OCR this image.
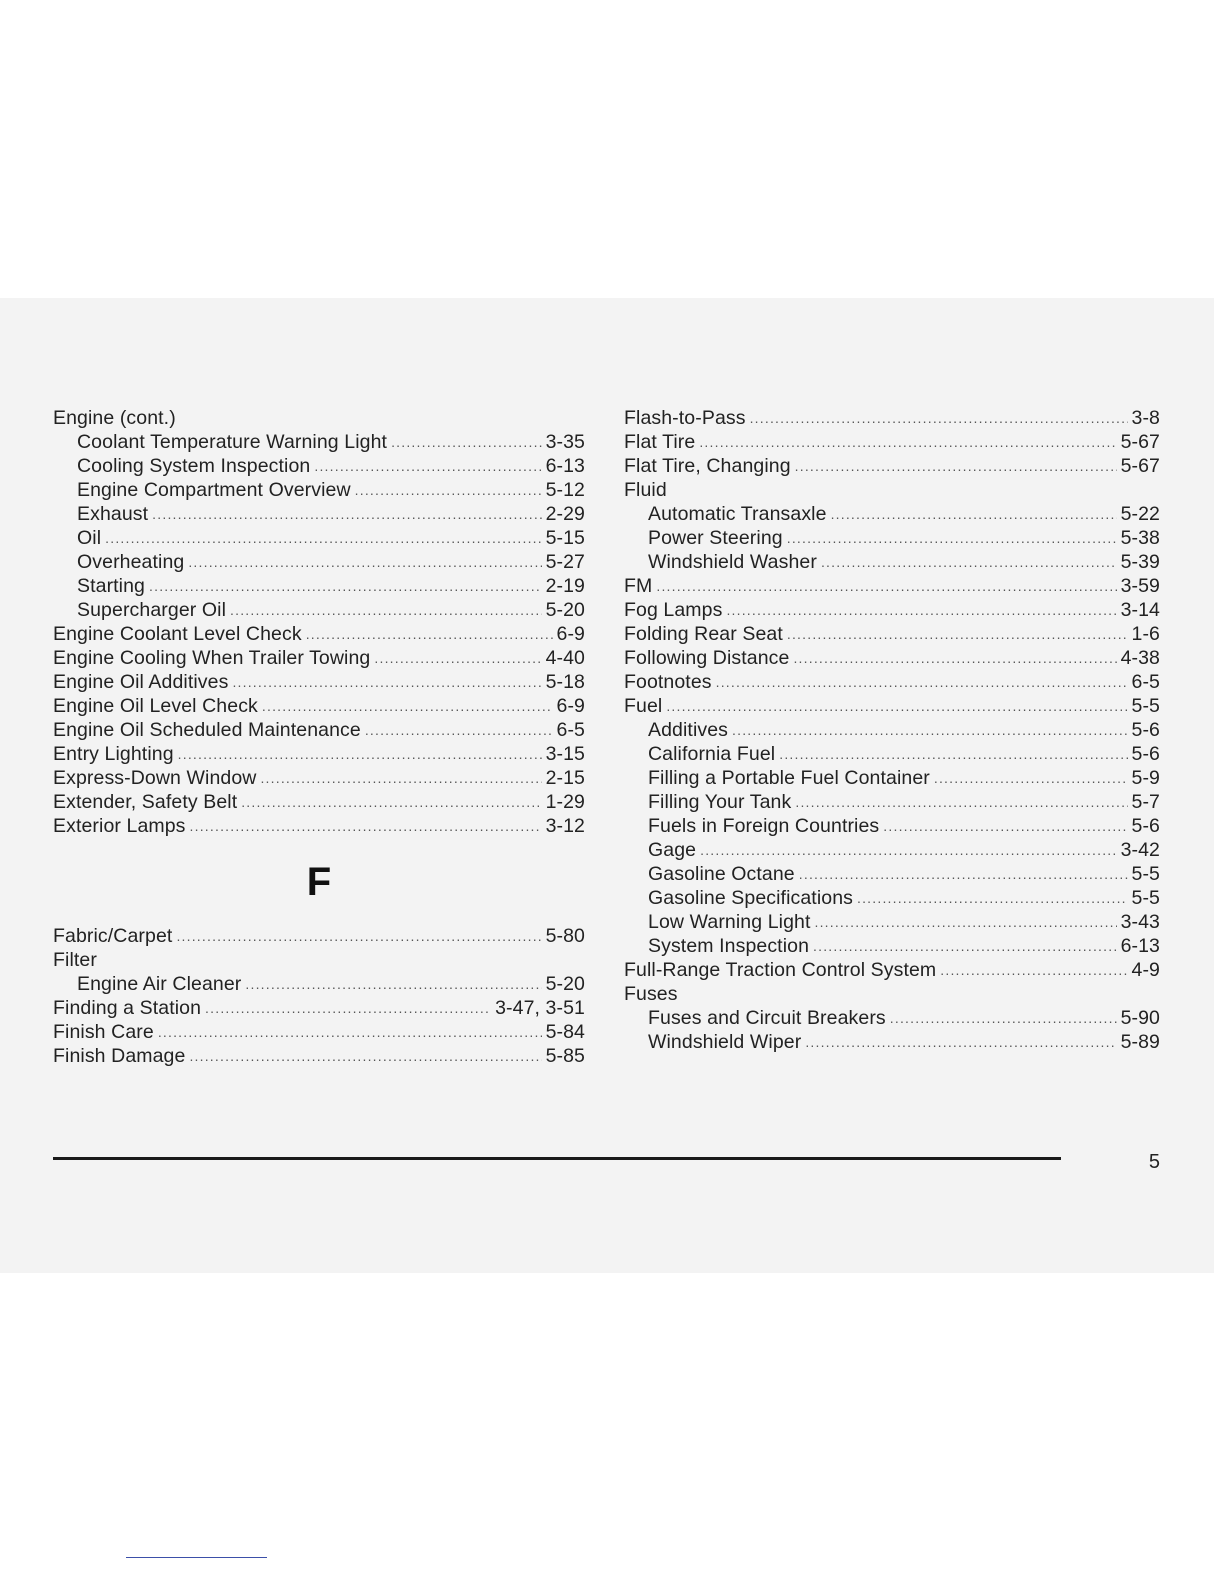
Engine (cont.)
Coolant Temperature Warning Light .....	3-35
Cooling System Inspection .....	6-13
Engine Compartment Overview .....	5-12
Exhaust .....	2-29
Oil .....	5-15
Overheating .....	5-27
Starting .....	2-19
Supercharger Oil .....	5-20
Engine Coolant Level Check .....	6-9
Engine Cooling When Trailer Towing .....	4-40
Engine Oil Additives .....	5-18
Engine Oil Level Check .....	6-9
Engine Oil Scheduled Maintenance .....	6-5
Entry Lighting .....	3-15
Express-Down Window .....	2-15
Extender, Safety Belt .....	1-29
Exterior Lamps .....	3-12
F
Fabric/Carpet .....	5-80
Filter
Engine Air Cleaner .....	5-20
Finding a Station .....	3-47, 3-51
Finish Care .....	5-84
Finish Damage .....	5-85
Flash-to-Pass .....	3-8
Flat Tire .....	5-67
Flat Tire, Changing .....	5-67
Fluid
Automatic Transaxle .....	5-22
Power Steering .....	5-38
Windshield Washer .....	5-39
FM .....	3-59
Fog Lamps .....	3-14
Folding Rear Seat .....	1-6
Following Distance .....	4-38
Footnotes .....	6-5
Fuel .....	5-5
Additives .....	5-6
California Fuel .....	5-6
Filling a Portable Fuel Container .....	5-9
Filling Your Tank .....	5-7
Fuels in Foreign Countries .....	5-6
Gage .....	3-42
Gasoline Octane .....	5-5
Gasoline Specifications .....	5-5
Low Warning Light .....	3-43
System Inspection .....	6-13
Full-Range Traction Control System .....	4-9
Fuses
Fuses and Circuit Breakers .....	5-90
Windshield Wiper .....	5-89
5
